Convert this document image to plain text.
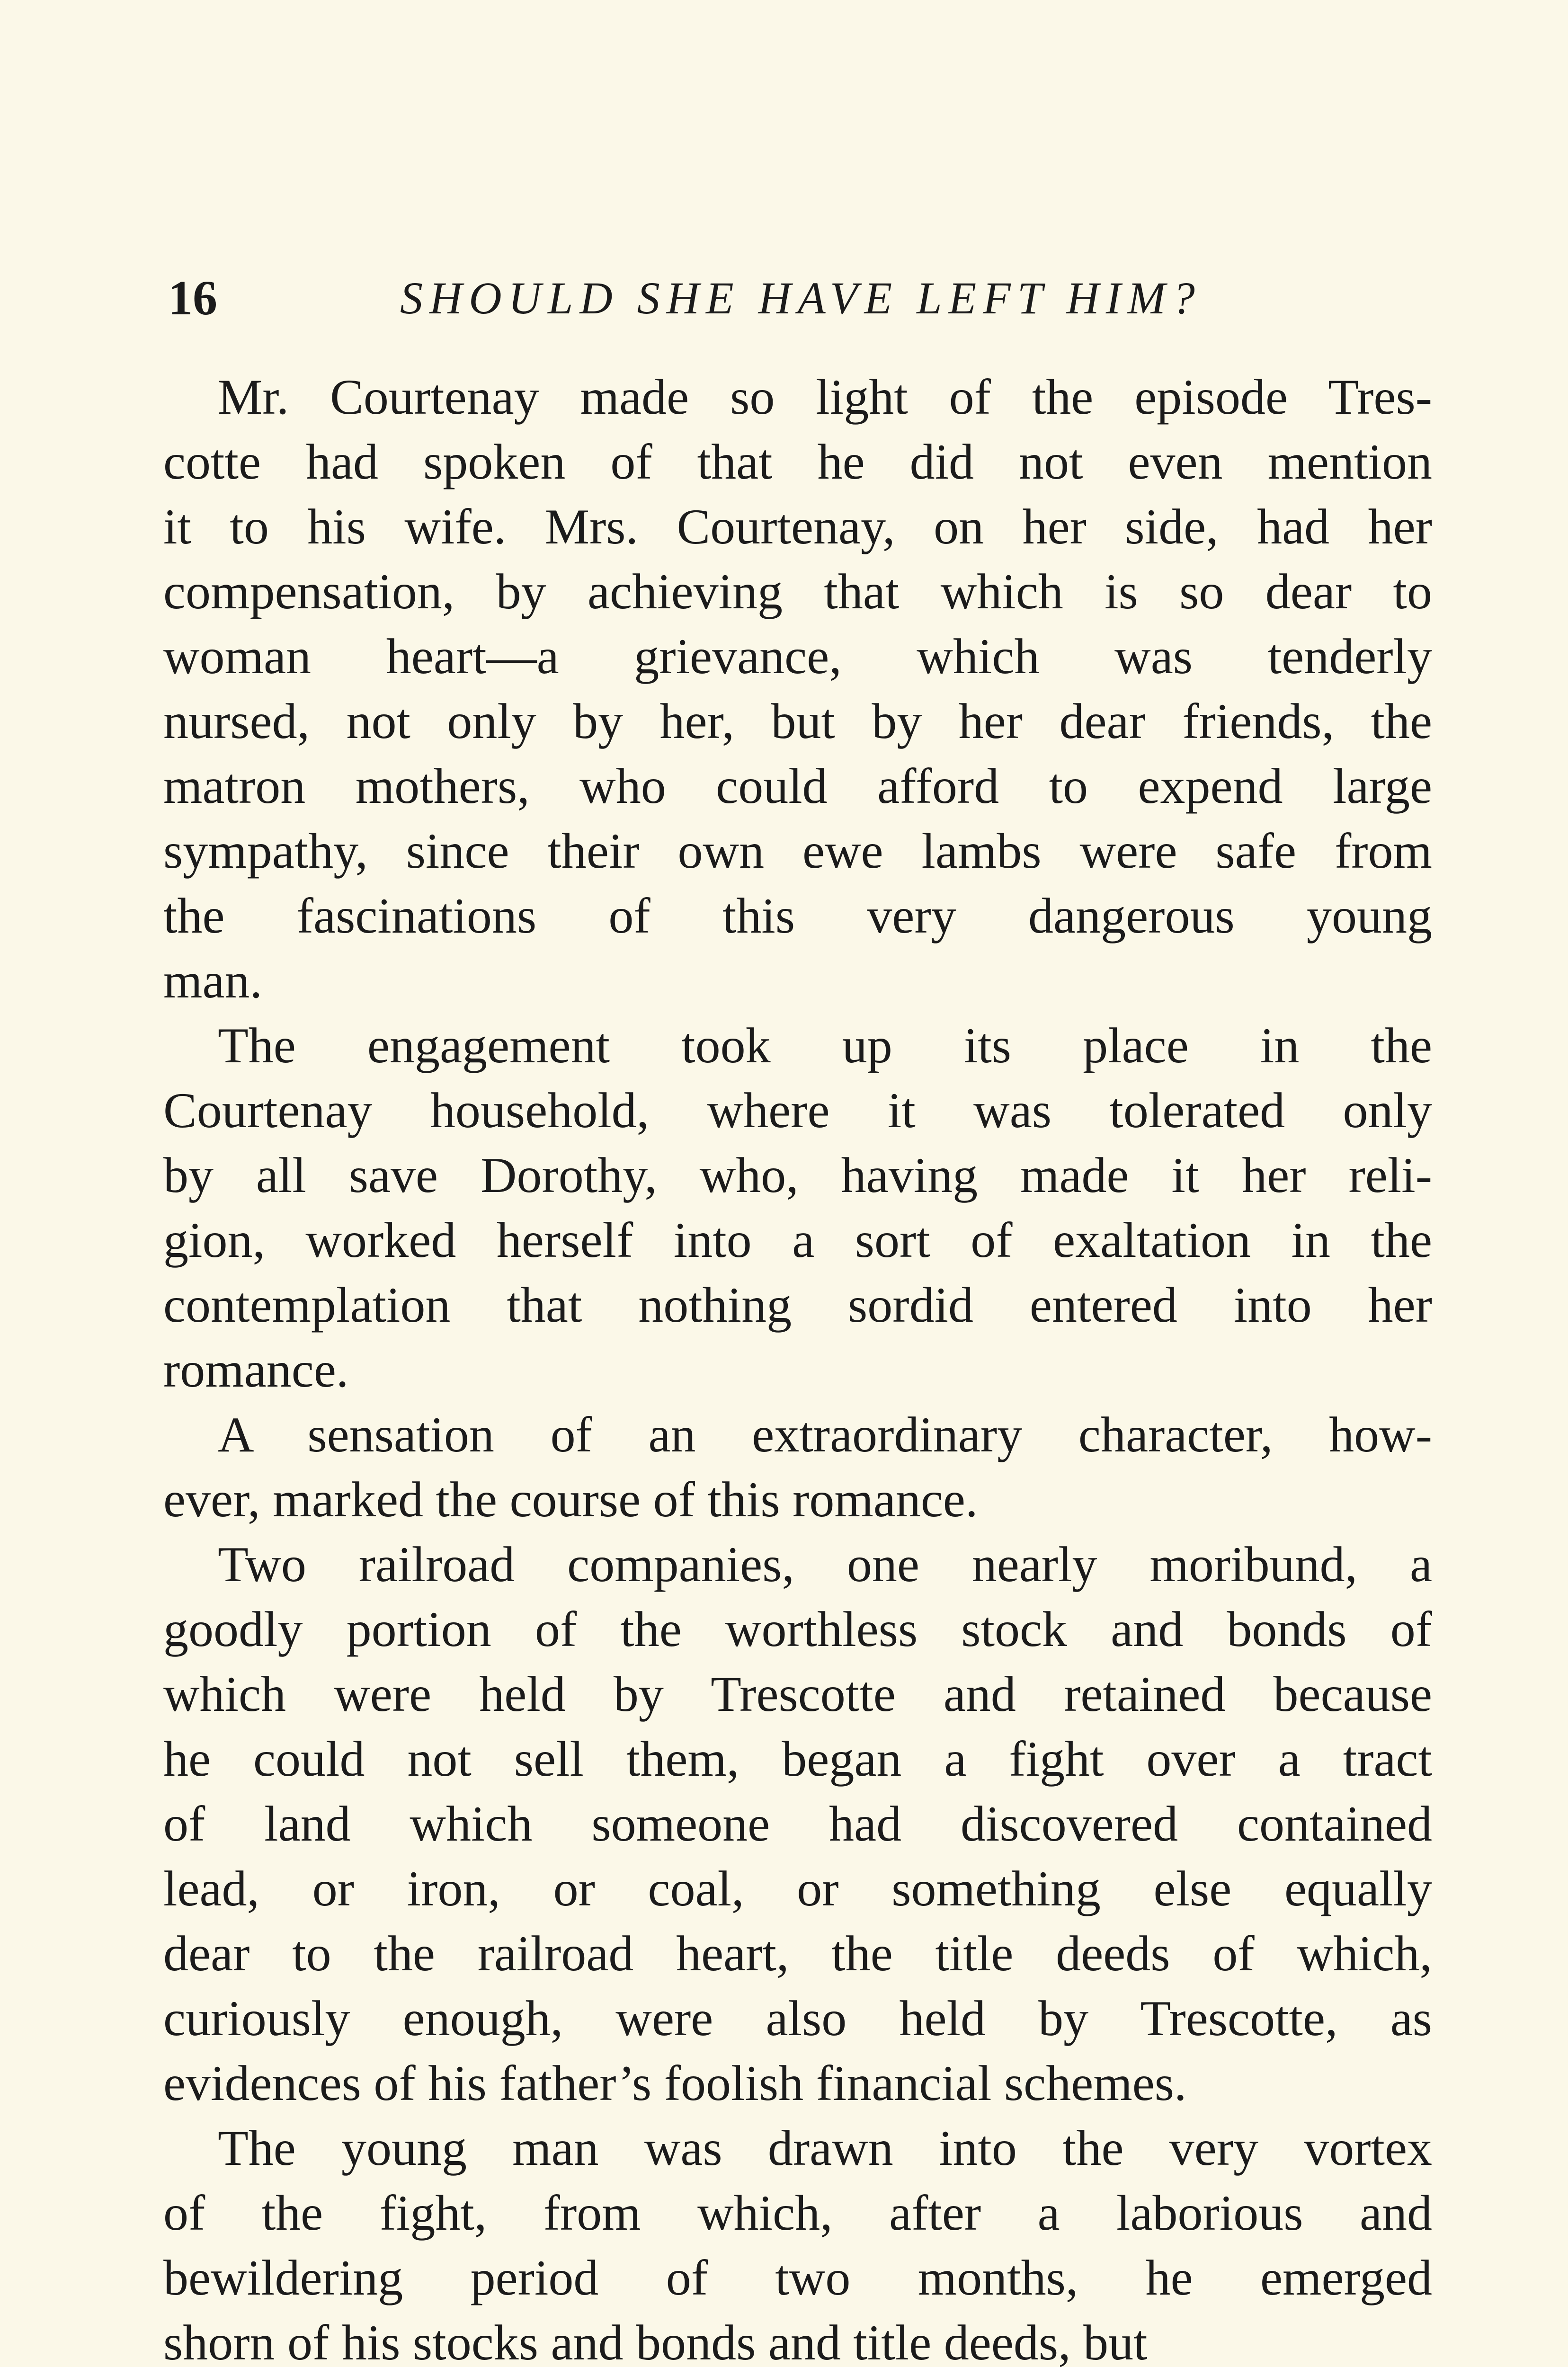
16	SHOULD SHE HAVE LEFT HIM?
Mr. Courtenay made so light of the episode Tres-
cotte had spoken of that he did not even mention
it to his wife. Mrs. Courtenay, on her side, had her
compensation, by achieving that which is so dear to
woman heart—a grievance, which was tenderly
nursed, not only by her, but by her dear friends, the
matron mothers, who could afford to expend large
sympathy, since their own ewe lambs were safe from
the fascinations of this very dangerous young
man.
The engagement took up its place in the
Courtenay household, where it was tolerated only
by all save Dorothy, who, having made it her reli-
gion, worked herself into a sort of exaltation in the
contemplation that nothing sordid entered into her
romance.
A sensation of an extraordinary character, how-
ever, marked the course of this romance.
Two railroad companies, one nearly moribund, a
goodly portion of the worthless stock and bonds of
which were held by Trescotte and retained because
he could not sell them, began a fight over a tract
of land which someone had discovered contained
lead, or iron, or coal, or something else equally
dear to the railroad heart, the title deeds of which,
curiously enough, were also held by Trescotte, as
evidences of his father’s foolish financial schemes.
The young man was drawn into the very vortex
of the fight, from which, after a laborious and
bewildering period of two months, he emerged
shorn of his stocks and bonds and title deeds, but
